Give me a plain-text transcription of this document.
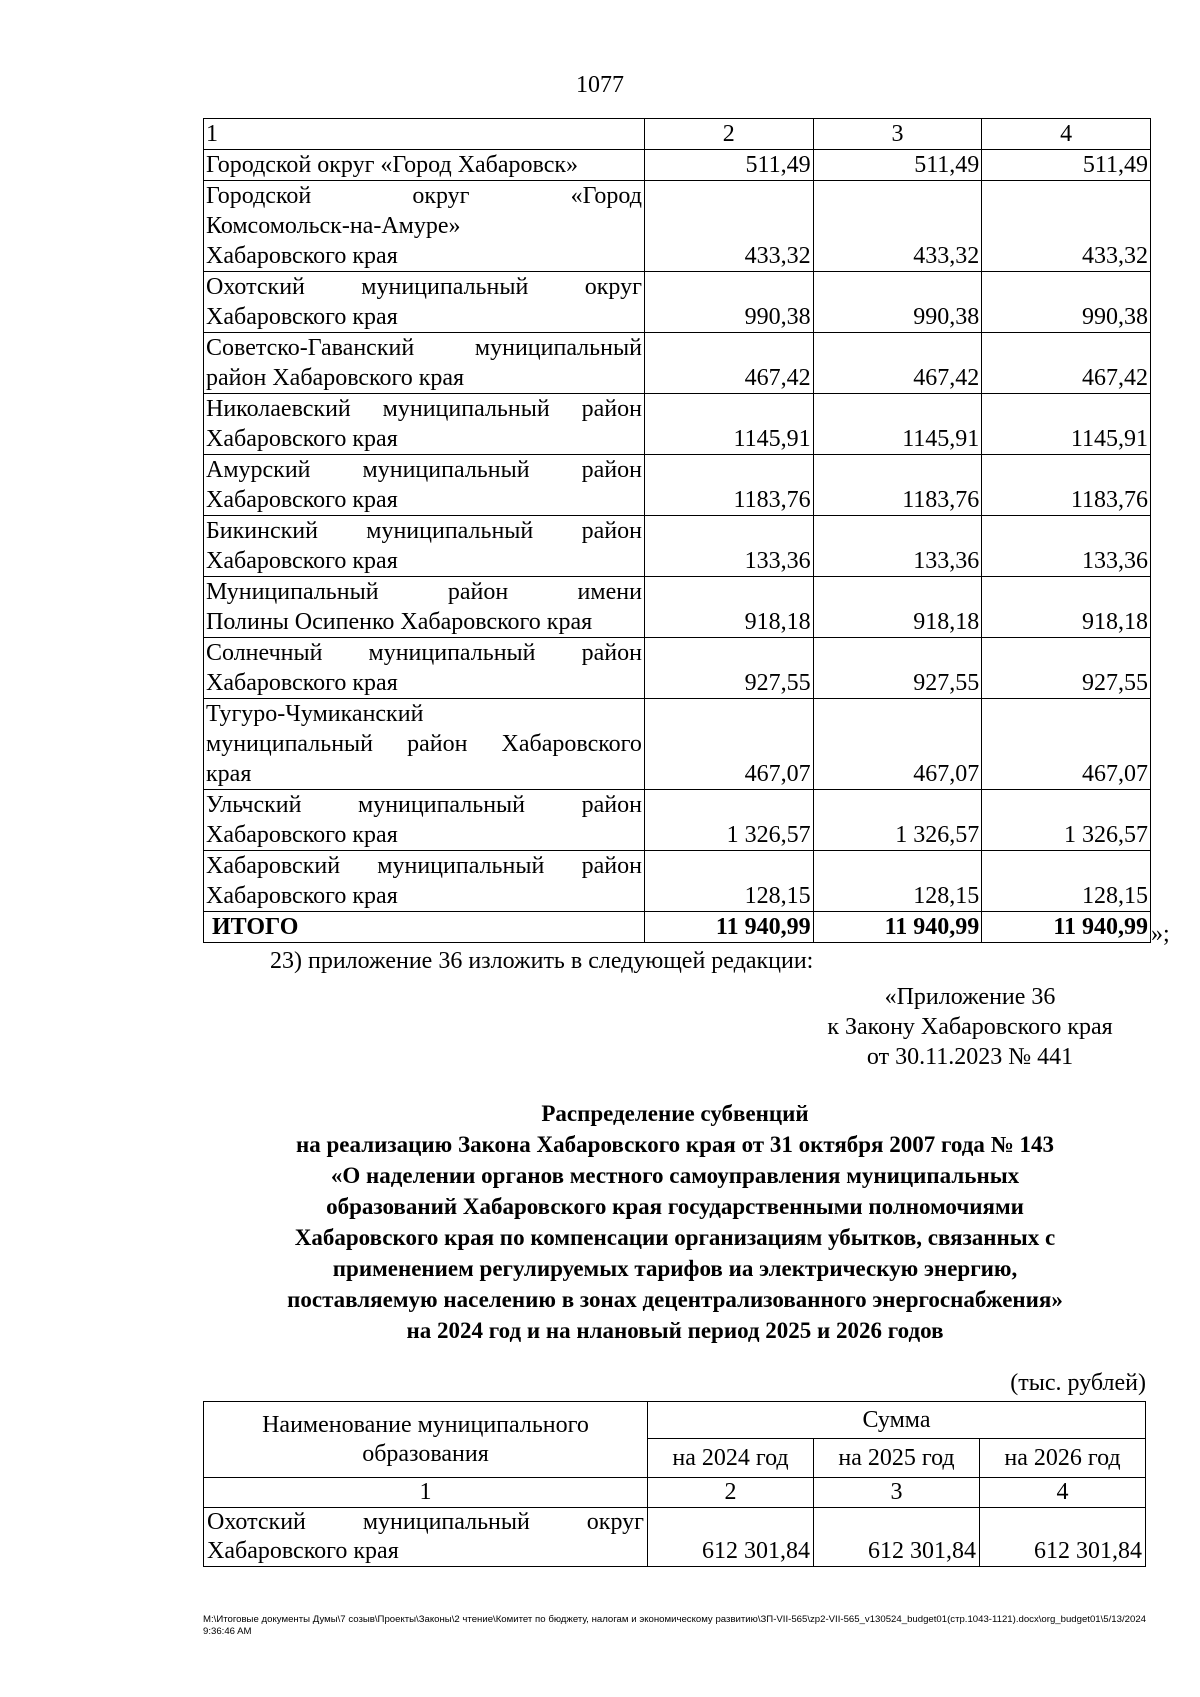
1077
1	2	3	4

Городской округ «Город Хабаровск»	511,49	511,49	511,49

Городской округ «Город
Комсомольск-на-Амуре»
Хабаровского края	433,32	433,32	433,32

Охотский муниципальный округ
Хабаровского края	990,38	990,38	990,38

Советско-Гаванский муниципальный
район Хабаровского края	467,42	467,42	467,42

Николаевский муниципальный район
Хабаровского края	1145,91	1145,91	1145,91

Амурский муниципальный район
Хабаровского края	1183,76	1183,76	1183,76

Бикинский муниципальный район
Хабаровского края	133,36	133,36	133,36

Муниципальный район имени
Полины Осипенко Хабаровского края	918,18	918,18	918,18

Солнечный муниципальный район
Хабаровского края	927,55	927,55	927,55

Тугуро-Чумиканский
муниципальный район Хабаровского
края	467,07	467,07	467,07

Ульчский муниципальный район
Хабаровского края	1 326,57	1 326,57	1 326,57

Хабаровский муниципальный район
Хабаровского края	128,15	128,15	128,15
ИТОГО	11 940,99	11 940,99	11 940,99 »;
23) приложение 36 изложить в следующей редакции:
«Приложение 36
к Закону Хабаровского края
от 30.11.2023 № 441
Распределение субвенций
на реализацию Закона Хабаровского края от 31 октября 2007 года № 143
«О наделении органов местного самоуправления муниципальных
образований Хабаровского края государственными полномочиями
Хабаровского края по компенсации организациям убытков, связанных с
применением регулируемых тарифов иа электрическую энергию,
поставляемую населению в зонах децентрализованного энергоснабжения»
на 2024 год и на нлановый период 2025 и 2026 годов
(тыс. рублей)
Наименование муниципального образования	Сумма		
	на 2024 год	на 2025 год	на 2026 год
1	2	3	4

Охотский муниципальный округ
Хабаровского края	612 301,84	612 301,84	612 301,84
M:\Итоговые документы Думы\7 созыв\Проекты\Законы\2 чтение\Комитет по бюджету, налогам и экономическому развитию\ЗП-VII-565\zp2-VII-565_v130524_budget01(стр.1043-1121).docx\org_budget01\5/13/2024 9:36:46 AM
